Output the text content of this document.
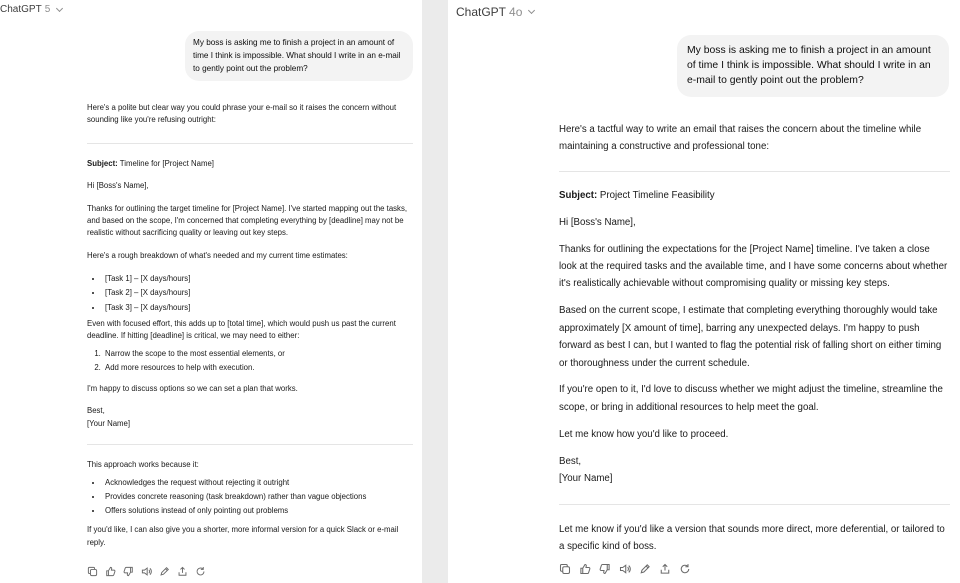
ChatGPT 5
My boss is asking me to finish a project in an amount of time I think is impossible. What should I write in an e-mail to gently point out the problem?

Here's a polite but clear way you could phrase your e-mail so it raises the concern without sounding like you're refusing outright:

Subject: Timeline for [Project Name]

Hi [Boss's Name],

Thanks for outlining the target timeline for [Project Name]. I've started mapping out the tasks, and based on the scope, I'm concerned that completing everything by [deadline] may not be realistic without sacrificing quality or leaving out key steps.

Here's a rough breakdown of what's needed and my current time estimates:

• [Task 1] – [X days/hours]
• [Task 2] – [X days/hours]
• [Task 3] – [X days/hours]

Even with focused effort, this adds up to [total time], which would push us past the current deadline. If hitting [deadline] is critical, we may need to either:

1. Narrow the scope to the most essential elements, or
2. Add more resources to help with execution.

I'm happy to discuss options so we can set a plan that works.

Best,

[Your Name]

This approach works because it:

• Acknowledges the request without rejecting it outright
• Provides concrete reasoning (task breakdown) rather than vague objections
• Offers solutions instead of only pointing out problems

If you'd like, I can also give you a shorter, more informal version for a quick Slack or e-mail reply.

ChatGPT 4o
My boss is asking me to finish a project in an amount of time I think is impossible. What should I write in an e-mail to gently point out the problem?

Here's a tactful way to write an email that raises the concern about the timeline while maintaining a constructive and professional tone:

Subject: Project Timeline Feasibility

Hi [Boss's Name],

Thanks for outlining the expectations for the [Project Name] timeline. I've taken a close look at the required tasks and the available time, and I have some concerns about whether it's realistically achievable without compromising quality or missing key steps.

Based on the current scope, I estimate that completing everything thoroughly would take approximately [X amount of time], barring any unexpected delays. I'm happy to push forward as best I can, but I wanted to flag the potential risk of falling short on either timing or thoroughness under the current schedule.

If you're open to it, I'd love to discuss whether we might adjust the timeline, streamline the scope, or bring in additional resources to help meet the goal.

Let me know how you'd like to proceed.

Best,

[Your Name]

Let me know if you'd like a version that sounds more direct, more deferential, or tailored to a specific kind of boss.
